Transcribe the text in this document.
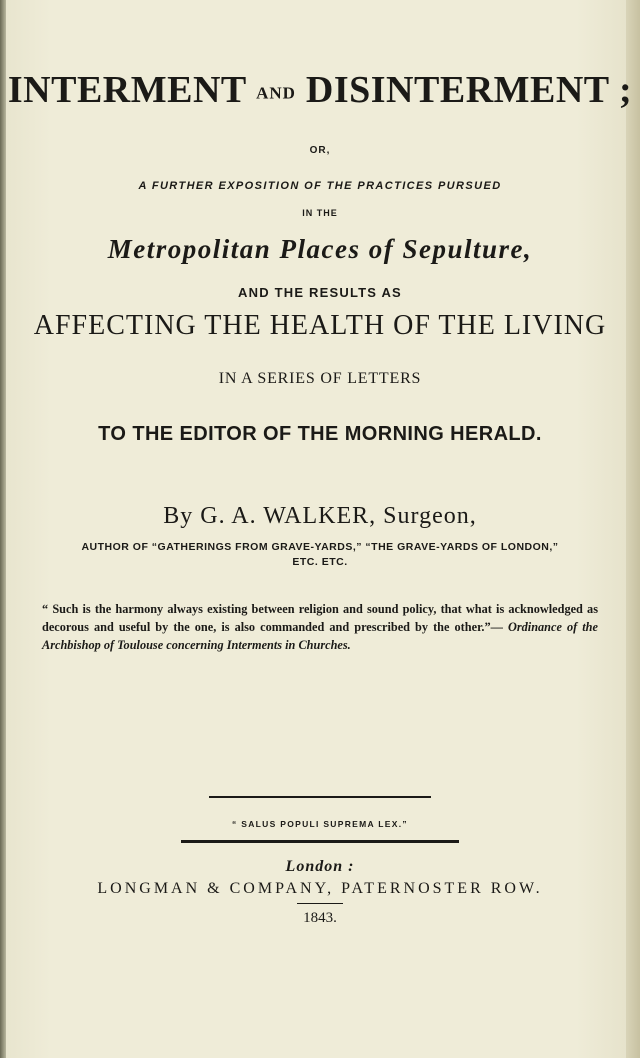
INTERMENT AND DISINTERMENT ;
OR,
A FURTHER EXPOSITION OF THE PRACTICES PURSUED
IN THE
Metropolitan Places of Sepulture,
AND THE RESULTS AS
AFFECTING THE HEALTH OF THE LIVING
IN A SERIES OF LETTERS
TO THE EDITOR OF THE MORNING HERALD.
By G. A. WALKER, Surgeon,
AUTHOR OF “GATHERINGS FROM GRAVE-YARDS,” “THE GRAVE-YARDS OF LONDON,”
ETC. ETC.
“ Such is the harmony always existing between religion and sound policy, that what is acknowledged as decorous and useful by the one, is also commanded and prescribed by the other.”— Ordinance of the Archbishop of Toulouse concerning Interments in Churches.
“ SALUS POPULI SUPREMA LEX.”
London :
LONGMAN & COMPANY, PATERNOSTER ROW.
1843.
